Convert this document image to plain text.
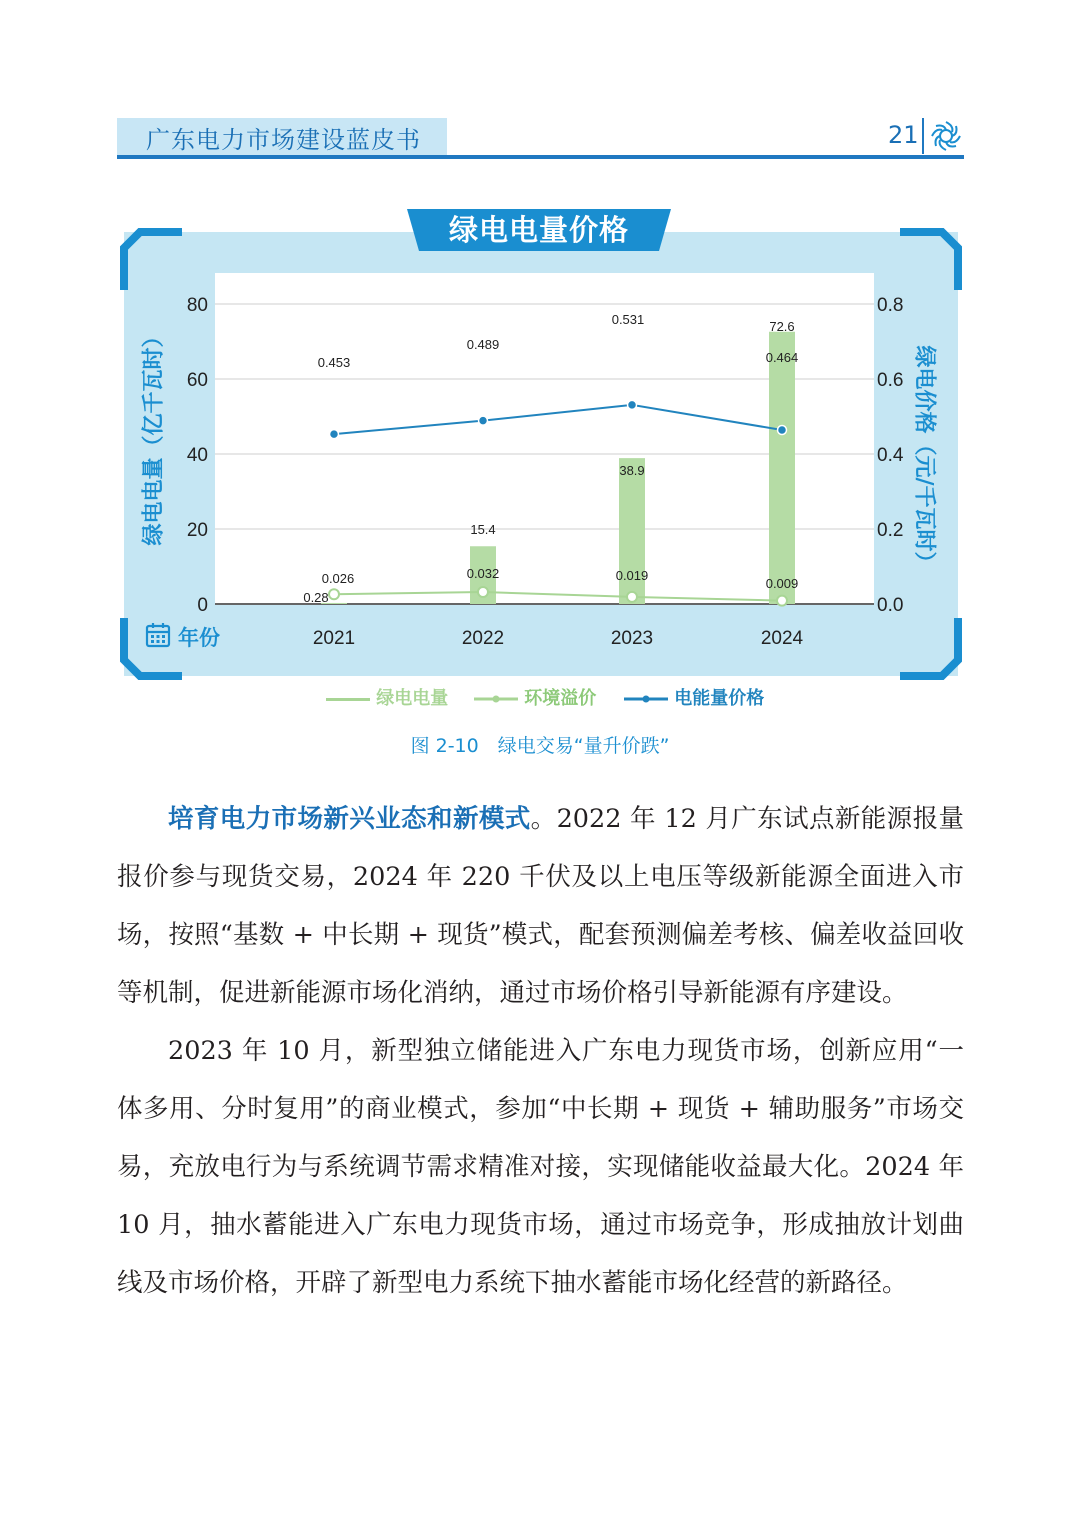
广东电力市场建设蓝皮书	21
绿电电量价格
0
20
40
60
80
0.0
0.2
0.4
0.6
0.8
2021	2022	2023	2024
0.28
15.4
38.9
72.6
0.026	0.032	0.019
0.009
0.453
0.489
0.531
0.464
绿电电量（亿千瓦时）	绿电价格（元/千瓦时）
年份
绿电电量	环境溢价	电能量价格
图 2-10　绿电交易“量升价跌”

培育电力市场新兴业态和新模式。2022 年 12 月广东试点新能源报量报价参与现货交易，2024 年 220 千伏及以上电压等级新能源全面进入市场，按照“基数 + 中长期 + 现货”模式，配套预测偏差考核、偏差收益回收等机制，促进新能源市场化消纳，通过市场价格引导新能源有序建设。

2023 年 10 月，新型独立储能进入广东电力现货市场，创新应用“一体多用、分时复用”的商业模式，参加“中长期 + 现货 + 辅助服务”市场交易，充放电行为与系统调节需求精准对接，实现储能收益最大化。2024 年 10 月，抽水蓄能进入广东电力现货市场，通过市场竞争，形成抽放计划曲线及市场价格，开辟了新型电力系统下抽水蓄能市场化经营的新路径。
